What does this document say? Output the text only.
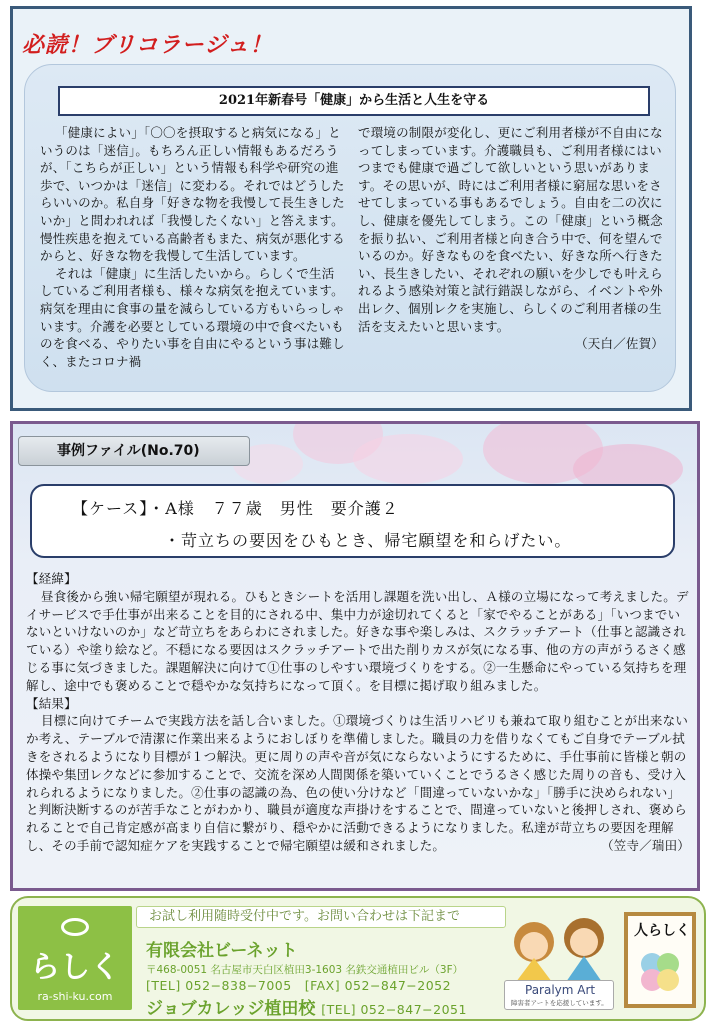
必読！ブリコラージュ！
2021年新春号「健康」から生活と人生を守る

「健康によい」「〇〇を摂取すると病気になる」というのは「迷信」。もちろん正しい情報もあるだろうが、「こちらが正しい」という情報も科学や研究の進歩で、いつかは「迷信」に変わる。それではどうしたらいいのか。私自身「好きな物を我慢して長生きしたいか」と問われれば「我慢したくない」と答えます。慢性疾患を抱えている高齢者もまた、病気が悪化するからと、好きな物を我慢して生活しています。

それは「健康」に生活したいから。らしくで生活しているご利用者様も、様々な病気を抱えています。病気を理由に食事の量を減らしている方もいらっしゃいます。介護を必要としている環境の中で食べたいものを食べる、やりたい事を自由にやるという事は難しく、またコロナ禍

で環境の制限が変化し、更にご利用者様が不自由になってしまっています。介護職員も、ご利用者様にはいつまでも健康で過ごして欲しいという思いがあります。その思いが、時にはご利用者様に窮屈な思いをさせてしまっている事もあるでしょう。自由を二の次にし、健康を優先してしまう。この「健康」という概念を振り払い、ご利用者様と向き合う中で、何を望んでいるのか。好きなものを食べたい、好きな所へ行きたい、長生きしたい、それぞれの願いを少しでも叶えられるよう感染対策と試行錯誤しながら、イベントや外出レク、個別レクを実施し、らしくのご利用者様の生活を支えたいと思います。

（天白／佐賀）

事例ファイル(No.70)
【ケース】・A様　７７歳　男性　要介護２
・苛立ちの要因をひもとき、帰宅願望を和らげたい。

【経緯】

昼食後から強い帰宅願望が現れる。ひもときシートを活用し課題を洗い出し、Ａ様の立場になって考えました。デイサービスで手仕事が出来ることを目的にされる中、集中力が途切れてくると「家でやることがある」「いつまでいないといけないのか」など苛立ちをあらわにされました。好きな事や楽しみは、スクラッチアート（仕事と認識されている）や塗り絵など。不穏になる要因はスクラッチアートで出た削りカスが気になる事、他の方の声がうるさく感じる事に気づきました。課題解決に向けて①仕事のしやすい環境づくりをする。②一生懸命にやっている気持ちを理解し、途中でも褒めることで穏やかな気持ちになって頂く。を目標に掲げ取り組みました。

【結果】

目標に向けてチームで実践方法を話し合いました。①環境づくりは生活リハビリも兼ねて取り組むことが出来ないか考え、テーブルで清潔に作業出来るようにおしぼりを準備しました。職員の力を借りなくてもご自身でテーブル拭きをされるようになり目標が１つ解決。更に周りの声や音が気にならないようにするために、手仕事前に皆様と朝の体操や集団レクなどに参加することで、交流を深め人間関係を築いていくことでうるさく感じた周りの音も、受け入れられるようになりました。②仕事の認識の為、色の使い分けなど「間違っていないかな」「勝手に決められない」と判断決断するのが苦手なことがわかり、職員が適度な声掛けをすることで、間違っていないと後押しされ、褒められることで自己肯定感が高まり自信に繋がり、穏やかに活動できるようになりました。私達が苛立ちの要因を理解し、その手前で認知症ケアを実践することで帰宅願望は緩和されました。	（笠寺／瑞田）

らしく
ra-shi-ku.com
お試し利用随時受付中です。お問い合わせは下記まで
有限会社ビーネット
〒468-0051 名古屋市天白区植田3-1603 名鉄交通植田ビル（3F）
[TEL] 052−838−7005　[FAX] 052−847−2052
ジョブカレッジ植田校 [TEL] 052−847−2051
Paralym Art
障害者アートを応援しています。
人らしく
